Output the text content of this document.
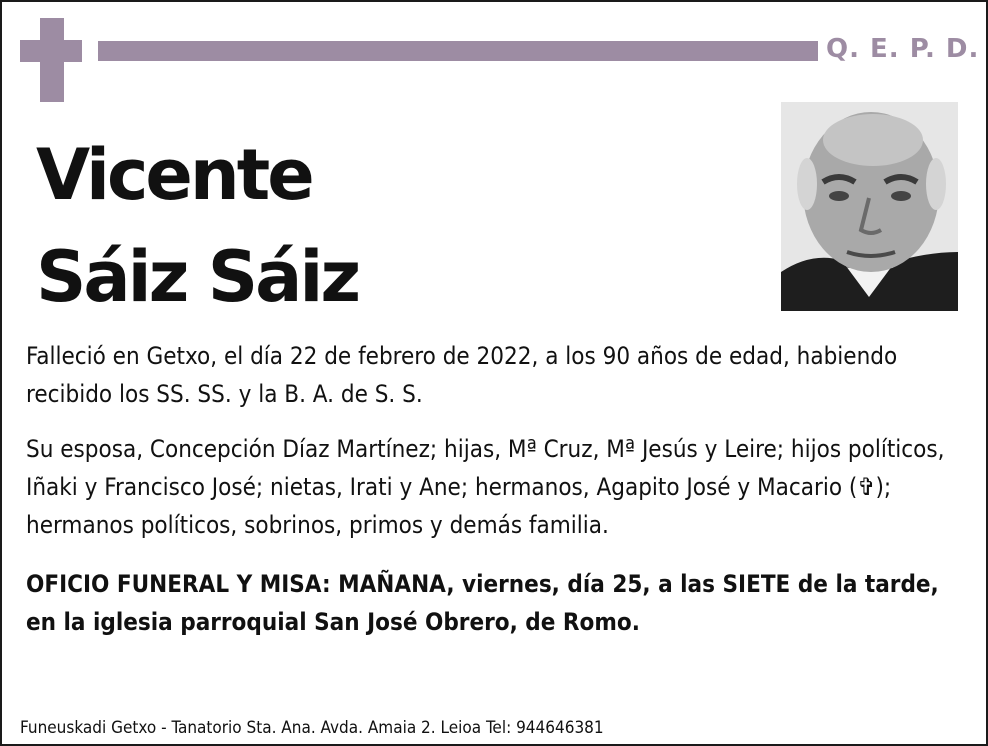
Q. E. P. D.
Vicente
Sáiz Sáiz
Falleció en Getxo, el día 22 de febrero de 2022, a los 90 años de edad, habiendo recibido los SS. SS. y la B. A. de S. S.
Su esposa, Concepción Díaz Martínez; hijas, Mª Cruz, Mª Jesús y Leire; hijos políticos, Iñaki y Francisco José; nietas, Irati y Ane; hermanos, Agapito José y Macario (✞); hermanos políticos, sobrinos, primos y demás familia.
OFICIO FUNERAL Y MISA: MAÑANA, viernes, día 25, a las SIETE de la tarde, en la iglesia parroquial San José Obrero, de Romo.
Funeuskadi Getxo - Tanatorio Sta. Ana. Avda. Amaia 2. Leioa Tel: 944646381
